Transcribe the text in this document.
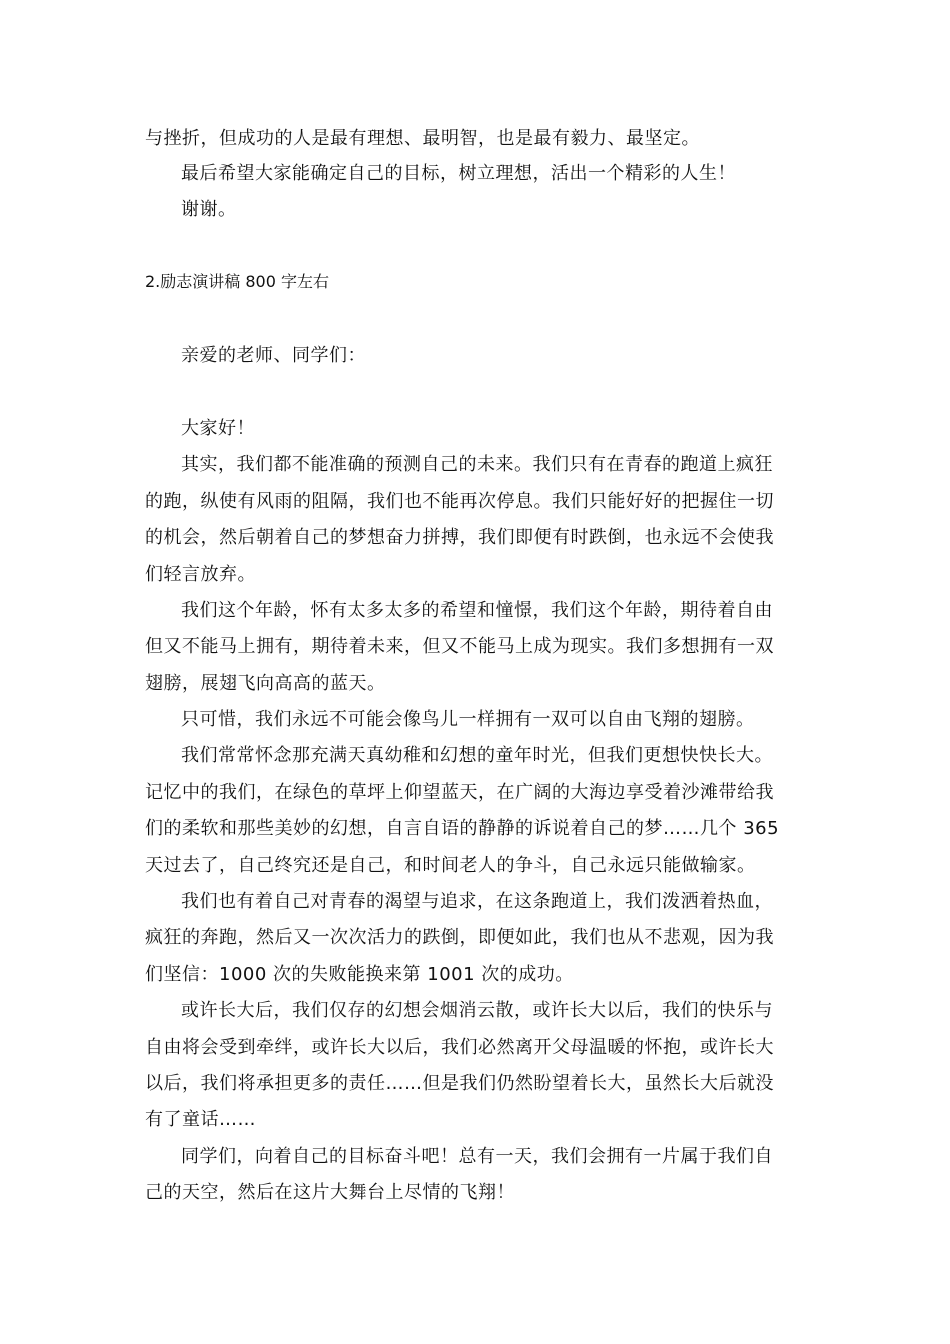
与挫折，但成功的人是最有理想、最明智，也是最有毅力、最坚定。
最后希望大家能确定自己的目标，树立理想，活出一个精彩的人生！
谢谢。
2.励志演讲稿 800 字左右
亲爱的老师、同学们：
大家好！
其实，我们都不能准确的预测自己的未来。我们只有在青春的跑道上疯狂
的跑，纵使有风雨的阻隔，我们也不能再次停息。我们只能好好的把握住一切
的机会，然后朝着自己的梦想奋力拼搏，我们即便有时跌倒，也永远不会使我
们轻言放弃。
我们这个年龄，怀有太多太多的希望和憧憬，我们这个年龄，期待着自由
但又不能马上拥有，期待着未来，但又不能马上成为现实。我们多想拥有一双
翅膀，展翅飞向高高的蓝天。
只可惜，我们永远不可能会像鸟儿一样拥有一双可以自由飞翔的翅膀。
我们常常怀念那充满天真幼稚和幻想的童年时光，但我们更想快快长大。
记忆中的我们，在绿色的草坪上仰望蓝天，在广阔的大海边享受着沙滩带给我
们的柔软和那些美妙的幻想，自言自语的静静的诉说着自己的梦……几个 365
天过去了，自己终究还是自己，和时间老人的争斗，自己永远只能做输家。
我们也有着自己对青春的渴望与追求，在这条跑道上，我们泼洒着热血，
疯狂的奔跑，然后又一次次活力的跌倒，即便如此，我们也从不悲观，因为我
们坚信：1000 次的失败能换来第 1001 次的成功。
或许长大后，我们仅存的幻想会烟消云散，或许长大以后，我们的快乐与
自由将会受到牵绊，或许长大以后，我们必然离开父母温暖的怀抱，或许长大
以后，我们将承担更多的责任……但是我们仍然盼望着长大，虽然长大后就没
有了童话……
同学们，向着自己的目标奋斗吧！总有一天，我们会拥有一片属于我们自
己的天空，然后在这片大舞台上尽情的飞翔！
